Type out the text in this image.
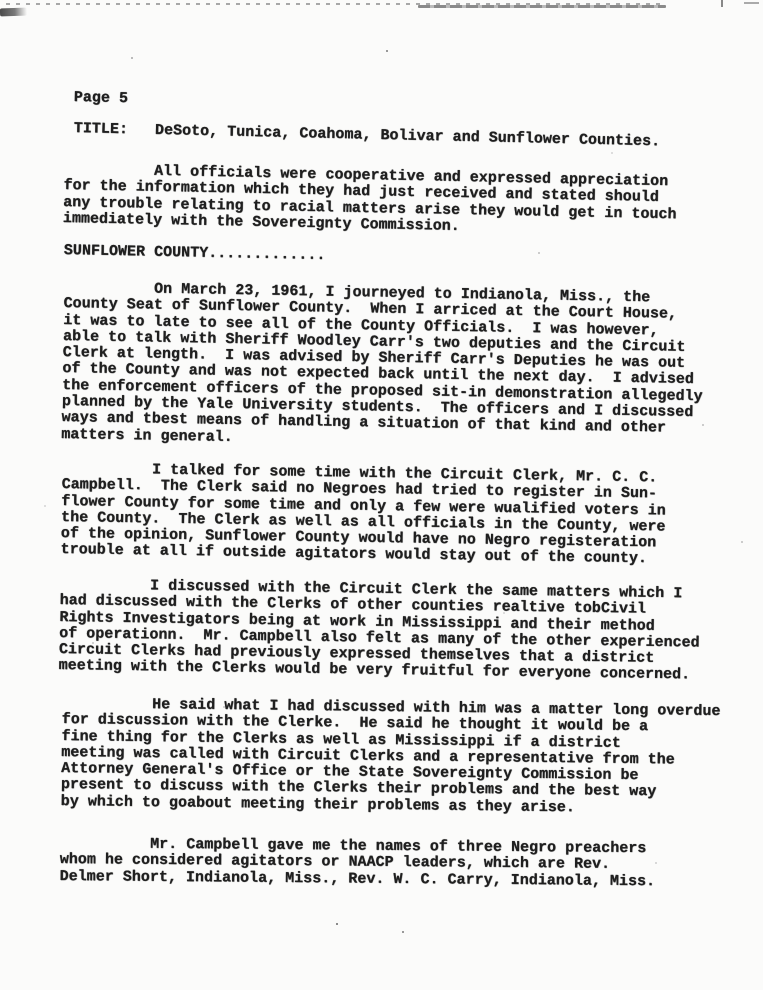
Page 5
TITLE:   DeSoto, Tunica, Coahoma, Bolivar and Sunflower Counties.
All officials were cooperative and expressed appreciation
for the information which they had just received and stated should
any trouble relating to racial matters arise they would get in touch
immediately with the Sovereignty Commission.
SUNFLOWER COUNTY.............
On March 23, 1961, I journeyed to Indianola, Miss., the
County Seat of Sunflower County.  When I arriced at the Court House,
it was to late to see all of the County Officials.  I was however,
able to talk with Sheriff Woodley Carr's two deputies and the Circuit
Clerk at length.  I was advised by Sheriff Carr's Deputies he was out
of the County and was not expected back until the next day.  I advised
the enforcement officers of the proposed sit-in demonstration allegedly
planned by the Yale University students.  The officers and I discussed
ways and tbest means of handling a situation of that kind and other
matters in general.
I talked for some time with the Circuit Clerk, Mr. C. C.
Campbell.  The Clerk said no Negroes had tried to register in Sun-
flower County for some time and only a few were wualified voters in
the County.  The Clerk as well as all officials in the County, were
of the opinion, Sunflower County would have no Negro registeration
trouble at all if outside agitators would stay out of the county.
I discussed with the Circuit Clerk the same matters which I
had discussed with the Clerks of other counties realtive tobCivil
Rights Investigators being at work in Mississippi and their method
of operationn.  Mr. Campbell also felt as many of the other experienced
Circuit Clerks had previously expressed themselves that a district
meeting with the Clerks would be very fruitful for everyone concerned.
He said what I had discussed with him was a matter long overdue
for discussion with the Clerke.  He said he thought it would be a
fine thing for the Clerks as well as Mississippi if a district
meeting was called with Circuit Clerks and a representative from the
Attorney General's Office or the State Sovereignty Commission be
present to discuss with the Clerks their problems and the best way
by which to goabout meeting their problems as they arise.
Mr. Campbell gave me the names of three Negro preachers
whom he considered agitators or NAACP leaders, which are Rev.
Delmer Short, Indianola, Miss., Rev. W. C. Carry, Indianola, Miss.
